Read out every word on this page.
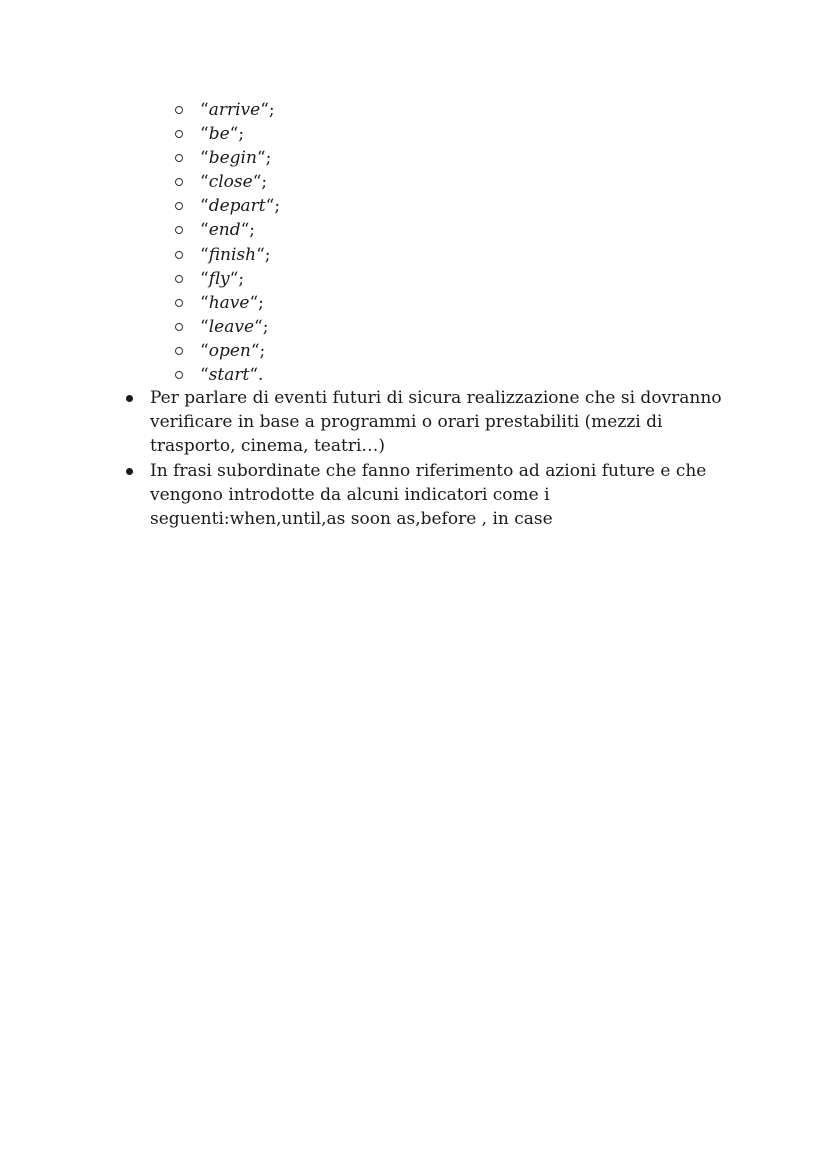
“arrive“;
“be“;
“begin“;
“close“;
“depart“;
“end“;
“finish“;
“fly“;
“have“;
“leave“;
“open“;
“start“.
Per parlare di eventi futuri di sicura realizzazione che si dovranno verificare in base a programmi o orari prestabiliti (mezzi di trasporto, cinema, teatri…)
In frasi subordinate che fanno riferimento ad azioni future e che vengono introdotte da alcuni indicatori come i seguenti:when,until,as soon as,before , in case
